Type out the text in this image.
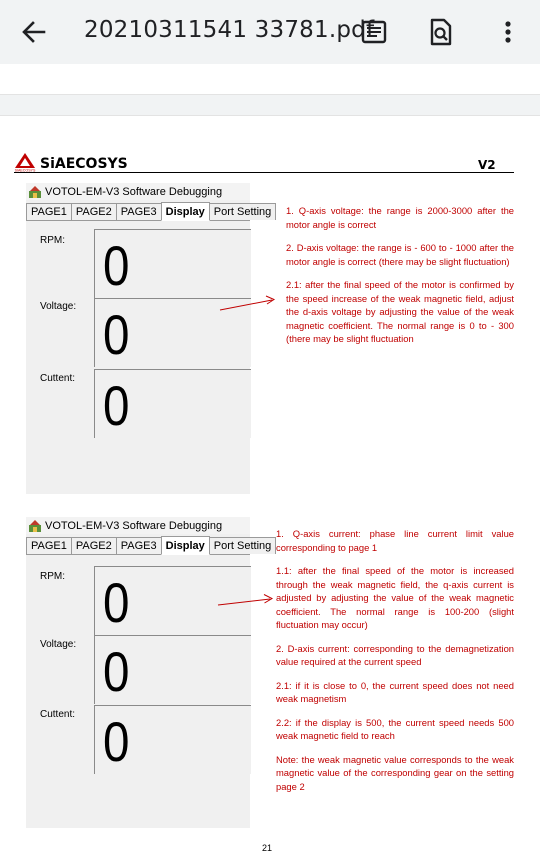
20210311541 33781.pdf
SIAECOSYS SiAECOSYS	V2
VOTOL-EM-V3 Software Debugging
PAGE1 PAGE2 PAGE3 Display Port Setting
RPM: 0
Voltage: 0
Cuttent: 0

1. Q-axis voltage: the range is 2000-3000 after the motor angle is correct

2. D-axis voltage: the range is - 600 to - 1000 after the motor angle is correct (there may be slight fluctuation)

2.1: after the final speed of the motor is confirmed by the speed increase of the weak magnetic field, adjust the d-axis voltage by adjusting the value of the weak magnetic coefficient. The normal range is 0 to - 300 (there may be slight fluctuation

VOTOL-EM-V3 Software Debugging
PAGE1 PAGE2 PAGE3 Display Port Setting
RPM: 0
Voltage: 0
Cuttent: 0

1. Q-axis current: phase line current limit value corresponding to page 1

1.1: after the final speed of the motor is increased through the weak magnetic field, the q-axis current is adjusted by adjusting the value of the weak magnetic coefficient. The normal range is 100-200 (slight fluctuation may occur)

2. D-axis current: corresponding to the demagnetization value required at the current speed

2.1: if it is close to 0, the current speed does not need weak magnetism

2.2: if the display is 500, the current speed needs 500 weak magnetic field to reach

Note: the weak magnetic value corresponds to the weak magnetic value of the corresponding gear on the setting page 2

21
